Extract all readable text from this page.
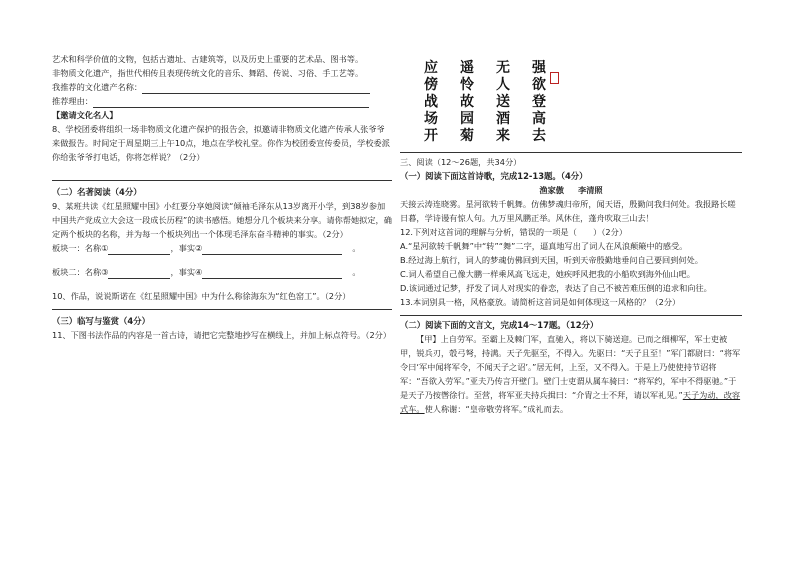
艺术和科学价值的文物，包括古遗址、古建筑等，以及历史上重要的艺术品、图书等。

非物质文化遗产，指世代相传且表现传统文化的音乐、舞蹈、传说、习俗、手工艺等。

我推荐的文化遗产名称：

推荐理由：

【邀请文化名人】

8、学校团委将组织一场非物质文化遗产保护的报告会，拟邀请非物质文化遗产传承人张爷爷来做报告。时间定于周星期三上午10点，地点在学校礼堂。你作为校团委宣传委员，学校委派你给张爷爷打电话，你将怎样说？（2分）

（二）名著阅读（4分）

9、某班共读《红星照耀中国》小红要分享她阅读“倾袖毛泽东从13岁离开小学，到38岁参加中国共产党成立大会这一段成长历程”的读书感悟。她想分几个板块来分享。请你帮她拟定，确定两个板块的名称，并为每一个板块列出一个体现毛泽东奋斗精神的事实。（2分）

板块一：名称①	，事实②	。

板块二：名称③	，事实④	。

10、作品，说说斯诺在《红星照耀中国》中为什么称徐海东为“红色窑工”。（2分）

（三）临写与鉴赏（4分）

11、下图书法作品的内容是一首古诗，请把它完整地抄写在横线上，并加上标点符号。（2分）

强欲登高去
无人送酒来
遥怜故园菊
应傍战场开

三、阅读（12～26题，共34分）

（一）阅读下面这首诗歌，完成12-13题。（4分）

渔家傲 李清照

天接云涛连晓雾。星河欲转千帆舞。仿佛梦魂归帝所，闻天语，殷勤问我归何处。我报路长嗟日暮，学诗谩有惊人句。九万里风鹏正举。风休住，蓬舟吹取三山去！

12.下列对这首词的理解与分析，错误的一项是（　　）（2分）

A.“星河欲转千帆舞”中“转”“舞”二字，逼真地写出了词人在风浪颠簸中的感受。

B.经过海上航行，词人的梦魂仿佛回到天国，听到天帝殷勤地垂问自己要回到何处。

C.词人希望自己像大鹏一样乘风高飞远走，她疾呼风把我的小船吹到海外仙山吧。

D.该词通过记梦，抒发了词人对现实的眷恋，表达了自己不被苦难压倒的追求和向往。

13.本词别具一格，风格豪放。请简析这首词是如何体现这一风格的？（2分）

（二）阅读下面的文言文，完成14～17题。（12分）

【甲】上自劳军。至霸上及棘门军，直驰入，将以下骑送迎。已而之细柳军，军士吏被甲，锐兵刃，彀弓弩，持满。天子先驱至，不得入。先驱曰：“天子且至！”军门都尉曰：“将军令曰‘军中闻将军令，不闻天子之诏’。”居无何，上至，又不得入。于是上乃使使持节诏将军：“吾欲入劳军。”亚夫乃传言开壁门。壁门士吏谓从属车骑曰：“将军约，军中不得驱驰。”于是天子乃按辔徐行。至营，将军亚夫持兵揖曰：“介胄之士不拜，请以军礼见。”天子为动，改容式车。使人称谢：“皇帝敬劳将军。”成礼而去。
